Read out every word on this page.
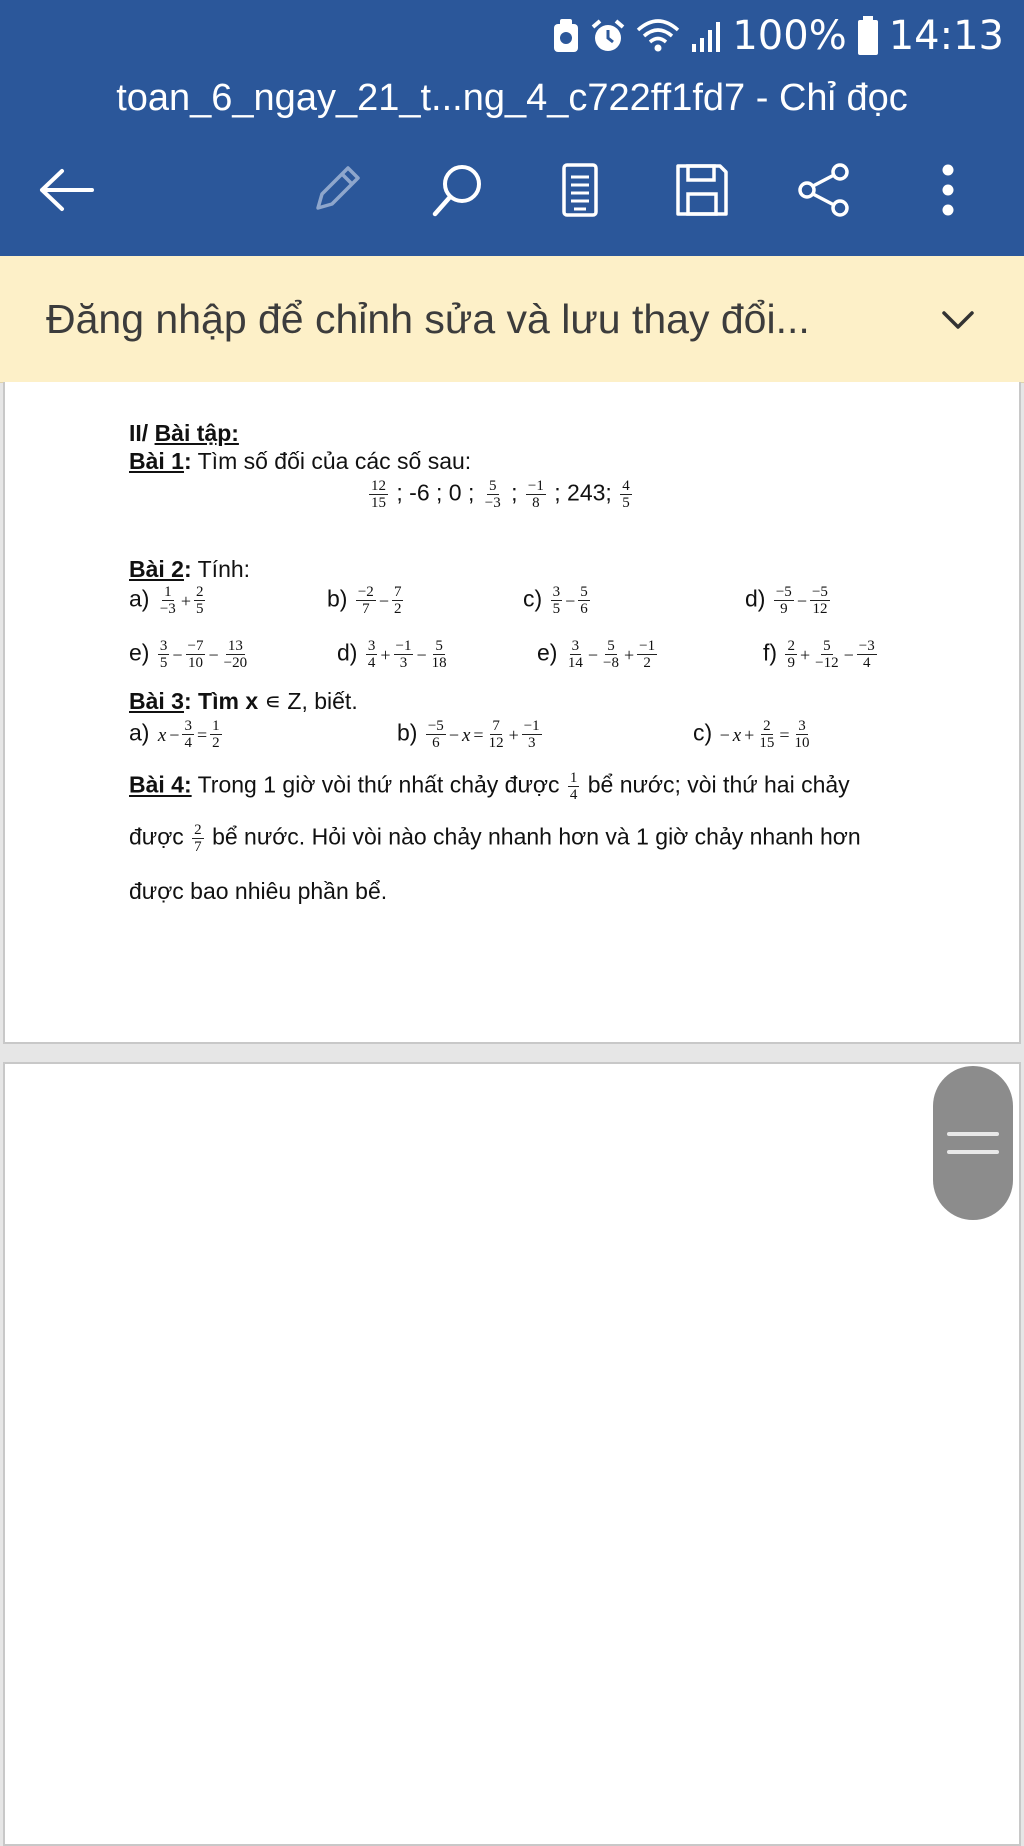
100% 14:13
toan_6_ngay_21_t...ng_4_c722ff1fd7 - Chỉ đọc
Đăng nhập để chỉnh sửa và lưu thay đổi...
II/ Bài tập:
Bài 1: Tìm số đối của các số sau:
$\frac{12}{15}$ ; -6 ; 0 ; $\frac{5}{-3}$ ; $\frac{-1}{8}$ ; 243; $\frac{4}{5}$
Bài 2: Tính:
$a) \frac{1}{-3} + \frac{2}{5}$	$b) \frac{-2}{7} - \frac{7}{2}$	$c) \frac{3}{5} - \frac{5}{6}$	$d) \frac{-5}{9} - \frac{-5}{12}$
$e) \frac{3}{5} - \frac{-7}{10} - \frac{13}{-20}$	$d) \frac{3}{4} + \frac{-1}{3} - \frac{5}{18}$	$e) \frac{3}{14} - \frac{5}{-8} + \frac{-1}{2}$	$f) \frac{2}{9} + \frac{5}{-12} - \frac{-3}{4}$
Bài 3: Tìm x ∊ Z, biết.
a) $x - \frac{3}{4} = \frac{1}{2}$	$b) \frac{-5}{6} - x = \frac{7}{12} + \frac{-1}{3}$	$c) - x + \frac{2}{15} = \frac{3}{10}$
Bài 4: Trong 1 giờ vòi thứ nhất chảy được $\frac{1}{4}$ bể nước; vòi thứ hai chảy
được $\frac{2}{7}$ bể nước. Hỏi vòi nào chảy nhanh hơn và 1 giờ chảy nhanh hơn
được bao nhiêu phần bể.
